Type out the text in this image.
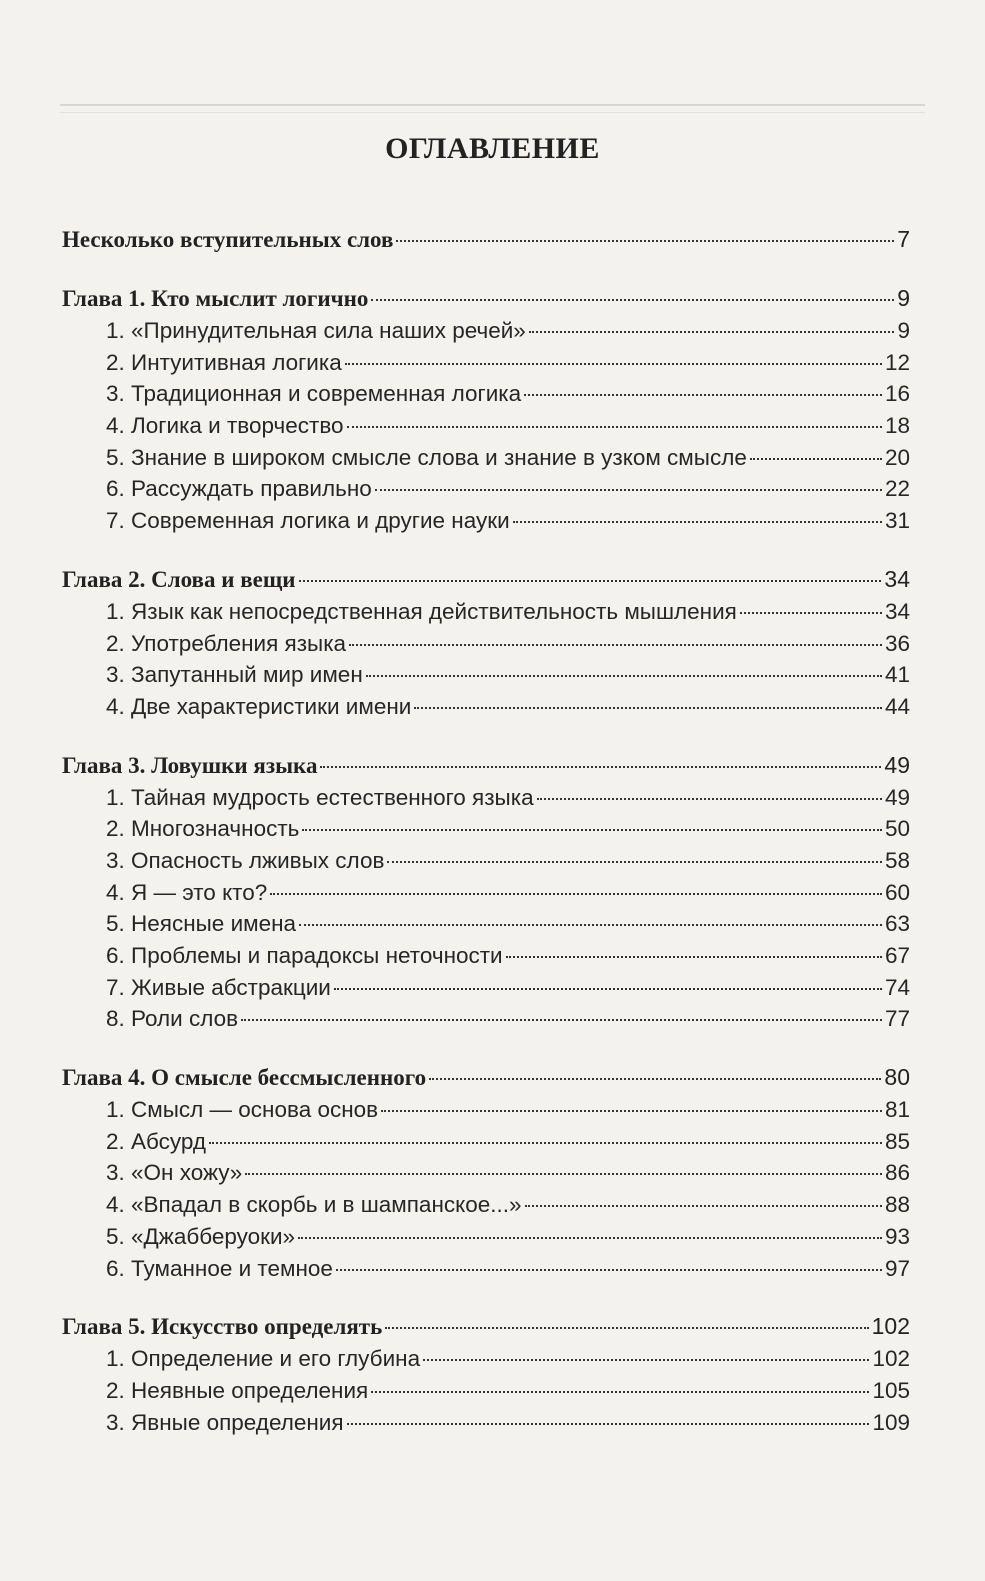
ОГЛАВЛЕНИЕ
Несколько вступительных слов	7
Глава 1. Кто мыслит логично	9
1. «Принудительная сила наших речей»	9
2. Интуитивная логика	12
3. Традиционная и современная логика	16
4. Логика и творчество	18
5. Знание в широком смысле слова и знание в узком смысле	20
6. Рассуждать правильно	22
7. Современная логика и другие науки	31
Глава 2. Слова и вещи	34
1. Язык как непосредственная действительность мышления	34
2. Употребления языка	36
3. Запутанный мир имен	41
4. Две характеристики имени	44
Глава 3. Ловушки языка	49
1. Тайная мудрость естественного языка	49
2. Многозначность	50
3. Опасность лживых слов	58
4. Я — это кто?	60
5. Неясные имена	63
6. Проблемы и парадоксы неточности	67
7. Живые абстракции	74
8. Роли слов	77
Глава 4. О смысле бессмысленного	80
1. Смысл — основа основ	81
2. Абсурд	85
3. «Он хожу»	86
4. «Впадал в скорбь и в шампанское...»	88
5. «Джабберуоки»	93
6. Туманное и темное	97
Глава 5. Искусство определять	102
1. Определение и его глубина	102
2. Неявные определения	105
3. Явные определения	109
